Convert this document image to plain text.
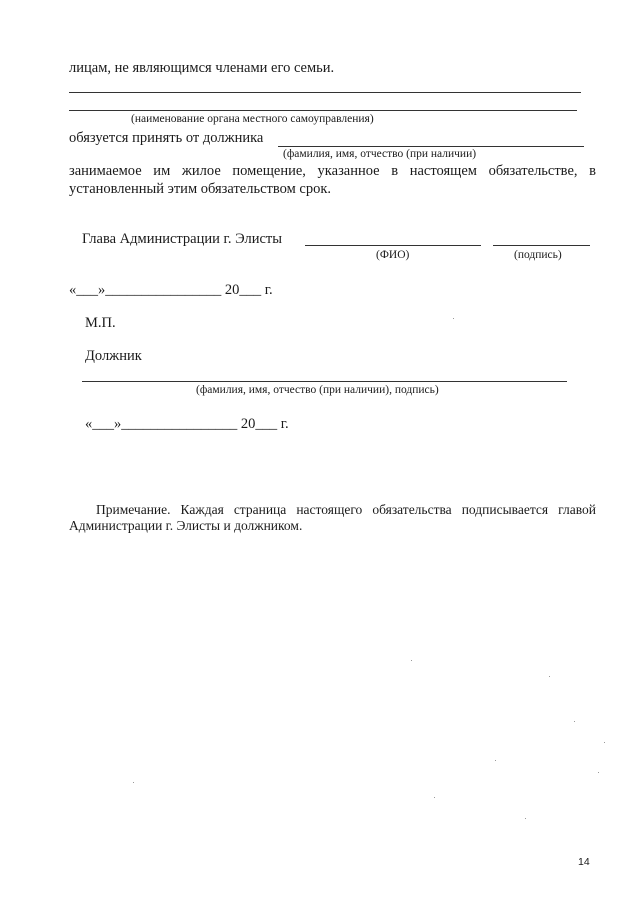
лицам, не являющимся членами его семьи.
(наименование органа местного самоуправления)
обязуется принять от должника
(фамилия, имя, отчество (при наличии)
занимаемое им жилое помещение, указанное в настоящем обязательстве, в
установленный этим обязательством срок.
Глава Администрации г. Элисты
(ФИО)	(подпись)
«___»________________ 20___ г.
М.П.
Должник
(фамилия, имя, отчество (при наличии), подпись)
«___»________________ 20___ г.
Примечание. Каждая страница настоящего обязательства подписывается главой
Администрации г. Элисты и должником.
14
